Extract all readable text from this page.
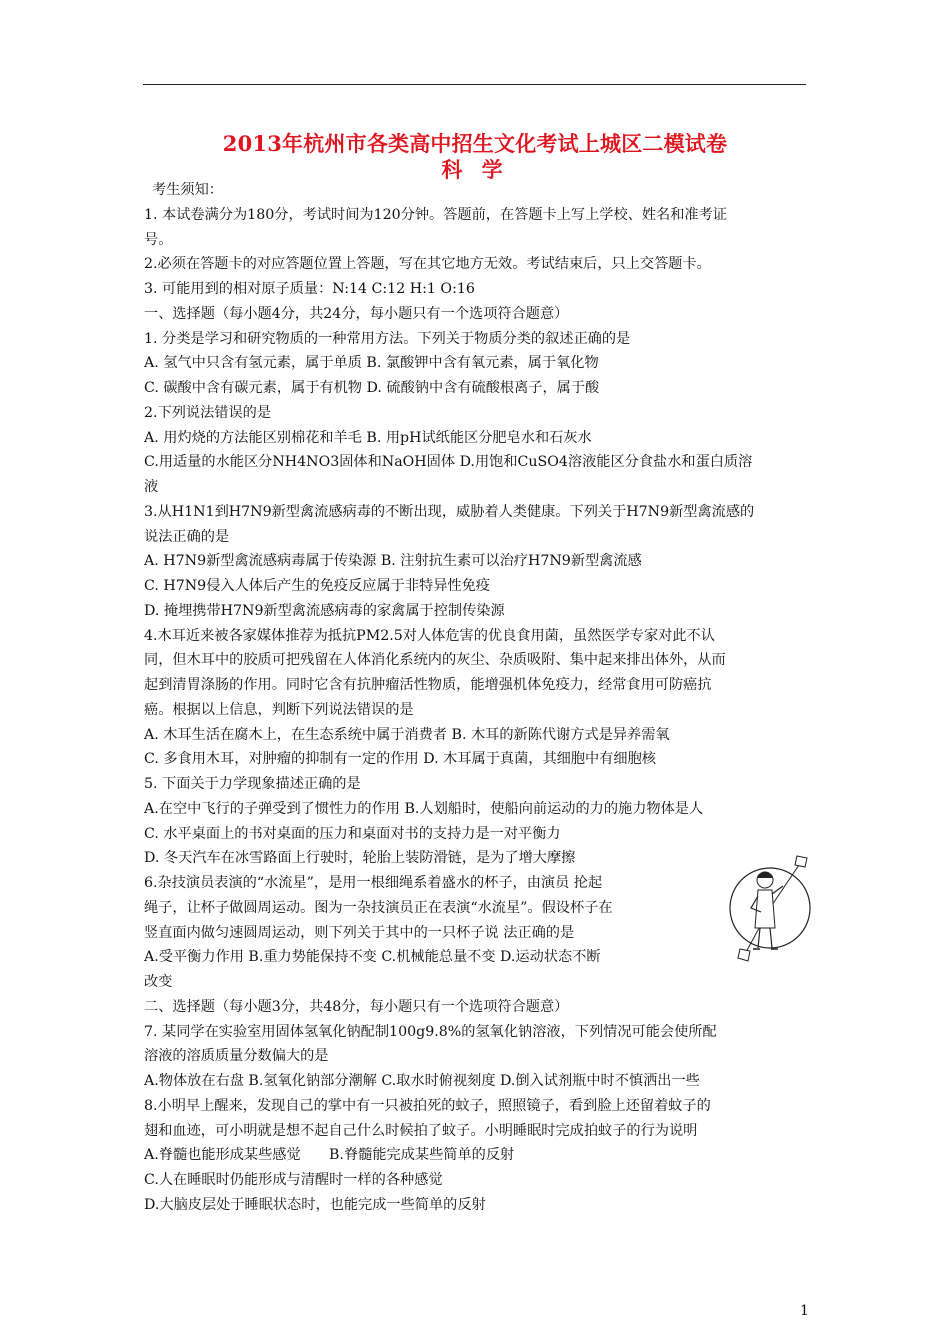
2013年杭州市各类高中招生文化考试上城区二模试卷
科 学
考生须知：
1. 本试卷满分为180分，考试时间为120分钟。答题前，在答题卡上写上学校、姓名和准考证
号。
2.必须在答题卡的对应答题位置上答题，写在其它地方无效。考试结束后，只上交答题卡。
3. 可能用到的相对原子质量：N:14 C:12 H:1 O:16
一、选择题（每小题4分，共24分，每小题只有一个选项符合题意）
1. 分类是学习和研究物质的一种常用方法。下列关于物质分类的叙述正确的是
A. 氢气中只含有氢元素，属于单质 B. 氯酸钾中含有氧元素，属于氧化物
C. 碳酸中含有碳元素，属于有机物 D. 硫酸钠中含有硫酸根离子，属于酸
2.下列说法错误的是
A. 用灼烧的方法能区别棉花和羊毛 B. 用pH试纸能区分肥皂水和石灰水
C.用适量的水能区分NH4NO3固体和NaOH固体 D.用饱和CuSO4溶液能区分食盐水和蛋白质溶
液
3.从H1N1到H7N9新型禽流感病毒的不断出现，威胁着人类健康。下列关于H7N9新型禽流感的
说法正确的是
A. H7N9新型禽流感病毒属于传染源 B. 注射抗生素可以治疗H7N9新型禽流感
C. H7N9侵入人体后产生的免疫反应属于非特异性免疫
D. 掩埋携带H7N9新型禽流感病毒的家禽属于控制传染源
4.木耳近来被各家媒体推荐为抵抗PM2.5对人体危害的优良食用菌，虽然医学专家对此不认
同，但木耳中的胶质可把残留在人体消化系统内的灰尘、杂质吸附、集中起来排出体外，从而
起到清胃涤肠的作用。同时它含有抗肿瘤活性物质，能增强机体免疫力，经常食用可防癌抗
癌。根据以上信息，判断下列说法错误的是
A. 木耳生活在腐木上，在生态系统中属于消费者 B. 木耳的新陈代谢方式是异养需氧
C. 多食用木耳，对肿瘤的抑制有一定的作用 D. 木耳属于真菌，其细胞中有细胞核
5. 下面关于力学现象描述正确的是
A.在空中飞行的子弹受到了惯性力的作用 B.人划船时，使船向前运动的力的施力物体是人
C. 水平桌面上的书对桌面的压力和桌面对书的支持力是一对平衡力
D. 冬天汽车在冰雪路面上行驶时，轮胎上装防滑链，是为了增大摩擦
6.杂技演员表演的“水流星”，是用一根细绳系着盛水的杯子，由演员 抡起
绳子，让杯子做圆周运动。图为一杂技演员正在表演“水流星”。假设杯子在
竖直面内做匀速圆周运动，则下列关于其中的一只杯子说 法正确的是
A.受平衡力作用 B.重力势能保持不变 C.机械能总量不变 D.运动状态不断
改变
二、选择题（每小题3分，共48分，每小题只有一个选项符合题意）
7. 某同学在实验室用固体氢氧化钠配制100g9.8%的氢氧化钠溶液，下列情况可能会使所配
溶液的溶质质量分数偏大的是
A.物体放在右盘 B.氢氧化钠部分潮解 C.取水时俯视刻度 D.倒入试剂瓶中时不慎洒出一些
8.小明早上醒来，发现自己的掌中有一只被拍死的蚊子，照照镜子，看到脸上还留着蚊子的
翅和血迹，可小明就是想不起自己什么时候拍了蚊子。小明睡眠时完成拍蚊子的行为说明
A.脊髓也能形成某些感觉　　B.脊髓能完成某些简单的反射
C.人在睡眠时仍能形成与清醒时一样的各种感觉
D.大脑皮层处于睡眠状态时，也能完成一些简单的反射
1
